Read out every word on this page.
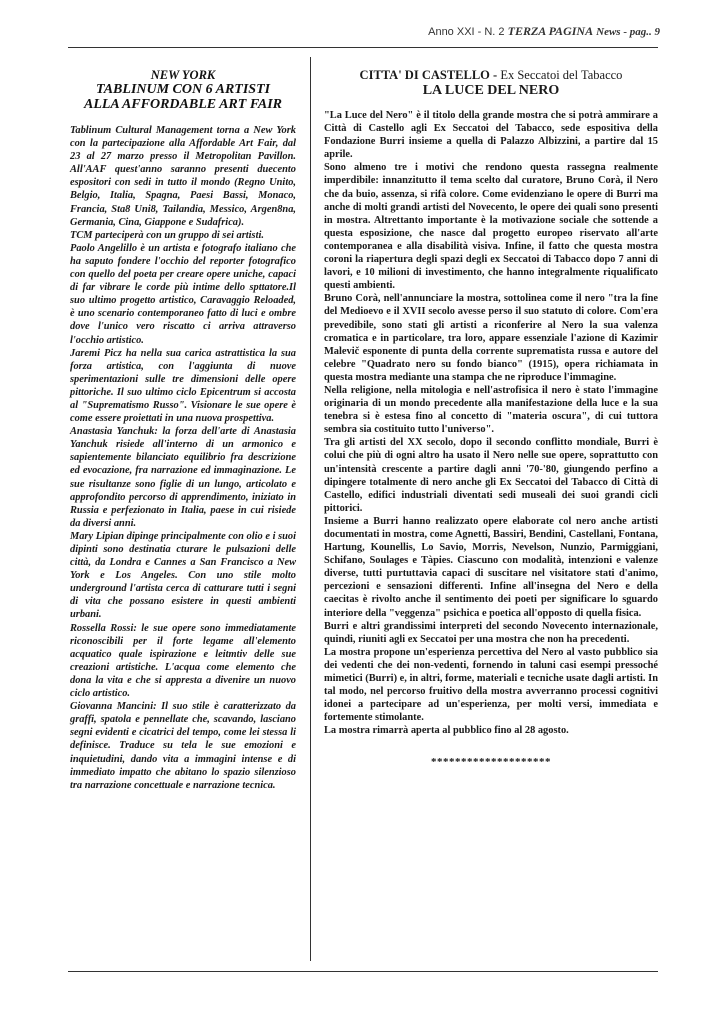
Anno XXI - N. 2 TERZA PAGINA News - pag.. 9

NEW YORK

TABLINUM CON 6 ARTISTI

ALLA AFFORDABLE ART FAIR

Tablinum Cultural Management torna a New York con la partecipazione alla Affordable Art Fair, dal 23 al 27 marzo presso il Metropolitan Pavillon. All'AAF quest'anno saranno presenti duecento espositori con sedi in tutto il mondo (Regno Unito, Belgio, Italia, Spagna, Paesi Bassi, Monaco, Francia, Sta8 Uni8, Tailandia, Messico, Argen8na, Germania, Cina, Giappone e Sudafrica).

TCM parteciperà con un gruppo di sei artisti.

Paolo Angelillo è un artista e fotografo italiano che ha saputo fondere l'occhio del reporter fotografico con quello del poeta per creare opere uniche, capaci di far vibrare le corde più intime dello spttatore.Il suo ultimo progetto artistico, Caravaggio Reloaded, è uno scenario contemporaneo fatto di luci e ombre dove l'unico vero riscatto ci arriva attraverso l'occhio artistico.

Jaremi Picz ha nella sua carica astrattistica la sua forza artistica, con l'aggiunta di nuove sperimentazioni sulle tre dimensioni delle opere pittoriche. Il suo ultimo ciclo Epicentrum si accosta al "Suprematismo Russo". Visionare le sue opere è come essere proiettati in una nuova prospettiva.

Anastasia Yanchuk: la forza dell'arte di Anastasia Yanchuk risiede all'interno di un armonico e sapientemente bilanciato equilibrio fra descrizione ed evocazione, fra narrazione ed immaginazione. Le sue risultanze sono figlie di un lungo, articolato e approfondito percorso di apprendimento, iniziato in Russia e perfezionato in Italia, paese in cui risiede da diversi anni.

Mary Lipian dipinge principalmente con olio e i suoi dipinti sono destinatia cturare le pulsazioni delle città, da Londra e Cannes a San Francisco a New York e Los Angeles. Con uno stile molto underground l'artista cerca di catturare tutti i segni di vita che possano esistere in questi ambienti urbani.

Rossella Rossi: le sue opere sono immediatamente riconoscibili per il forte legame all'elemento acquatico quale ispirazione e leitmtiv delle sue creazioni artistiche. L'acqua come elemento che dona la vita e che si appresta a divenire un nuovo ciclo artistico.

Giovanna Mancini: Il suo stile è caratterizzato da graffi, spatola e pennellate che, scavando, lasciano segni evidenti e cicatrici del tempo, come lei stessa li definisce. Traduce su tela le sue emozioni e inquietudini, dando vita a immagini intense e di immediato impatto che abitano lo spazio silenzioso tra narrazione concettuale e narrazione tecnica.

CITTA' DI CASTELLO - Ex Seccatoi del Tabacco
LA LUCE DEL NERO

"La Luce del Nero" è il titolo della grande mostra che si potrà ammirare a Città di Castello agli Ex Seccatoi del Tabacco, sede espositiva della Fondazione Burri insieme a quella di Palazzo Albizzini, a partire dal 15 aprile.

Sono almeno tre i motivi che rendono questa rassegna realmente imperdibile: innanzitutto il tema scelto dal curatore, Bruno Corà, il Nero che da buio, assenza, si rifà colore. Come evidenziano le opere di Burri ma anche di molti grandi artisti del Novecento, le opere dei quali sono presenti in mostra. Altrettanto importante è la motivazione sociale che sottende a questa esposizione, che nasce dal progetto europeo riservato all'arte contemporanea e alla disabilità visiva. Infine, il fatto che questa mostra coroni la riapertura degli spazi degli ex Seccatoi di Tabacco dopo 7 anni di lavori, e 10 milioni di investimento, che hanno integralmente riqualificato questi ambienti.

Bruno Corà, nell'annunciare la mostra, sottolinea come il nero "tra la fine del Medioevo e il XVII secolo avesse perso il suo statuto di colore. Com'era prevedibile, sono stati gli artisti a riconferire al Nero la sua valenza cromatica e in particolare, tra loro, appare essenziale l'azione di Kazimir Malevič esponente di punta della corrente suprematista russa e autore del celebre "Quadrato nero su fondo bianco" (1915), opera richiamata in questa mostra mediante una stampa che ne riproduce l'immagine.

Nella religione, nella mitologia e nell'astrofisica il nero è stato l'immagine originaria di un mondo precedente alla manifestazione della luce e la sua tenebra si è estesa fino al concetto di "materia oscura", di cui tuttora sembra sia costituito tutto l'universo".

Tra gli artisti del XX secolo, dopo il secondo conflitto mondiale, Burri è colui che più di ogni altro ha usato il Nero nelle sue opere, soprattutto con un'intensità crescente a partire dagli anni '70-'80, giungendo perfino a dipingere totalmente di nero anche gli Ex Seccatoi del Tabacco di Città di Castello, edifici industriali diventati sedi museali dei suoi grandi cicli pittorici.

Insieme a Burri hanno realizzato opere elaborate col nero anche artisti documentati in mostra, come Agnetti, Bassiri, Bendini, Castellani, Fontana, Hartung, Kounellis, Lo Savio, Morris, Nevelson, Nunzio, Parmiggiani, Schifano, Soulages e Tàpies. Ciascuno con modalità, intenzioni e valenze diverse, tutti purtuttavia capaci di suscitare nel visitatore stati d'animo, percezioni e sensazioni differenti. Infine all'insegna del Nero e della caecitas è rivolto anche il sentimento dei poeti per significare lo sguardo interiore della "veggenza" psichica e poetica all'opposto di quella fisica.

Burri e altri grandissimi interpreti del secondo Novecento internazionale, quindi, riuniti agli ex Seccatoi per una mostra che non ha precedenti.

La mostra propone un'esperienza percettiva del Nero al vasto pubblico sia dei vedenti che dei non-vedenti, fornendo in taluni casi esempi pressoché mimetici (Burri) e, in altri, forme, materiali e tecniche usate dagli artisti. In tal modo, nel percorso fruitivo della mostra avverranno processi cognitivi idonei a partecipare ad un'esperienza, per molti versi, immediata e fortemente stimolante.

La mostra rimarrà aperta al pubblico fino al 28 agosto.

********************
